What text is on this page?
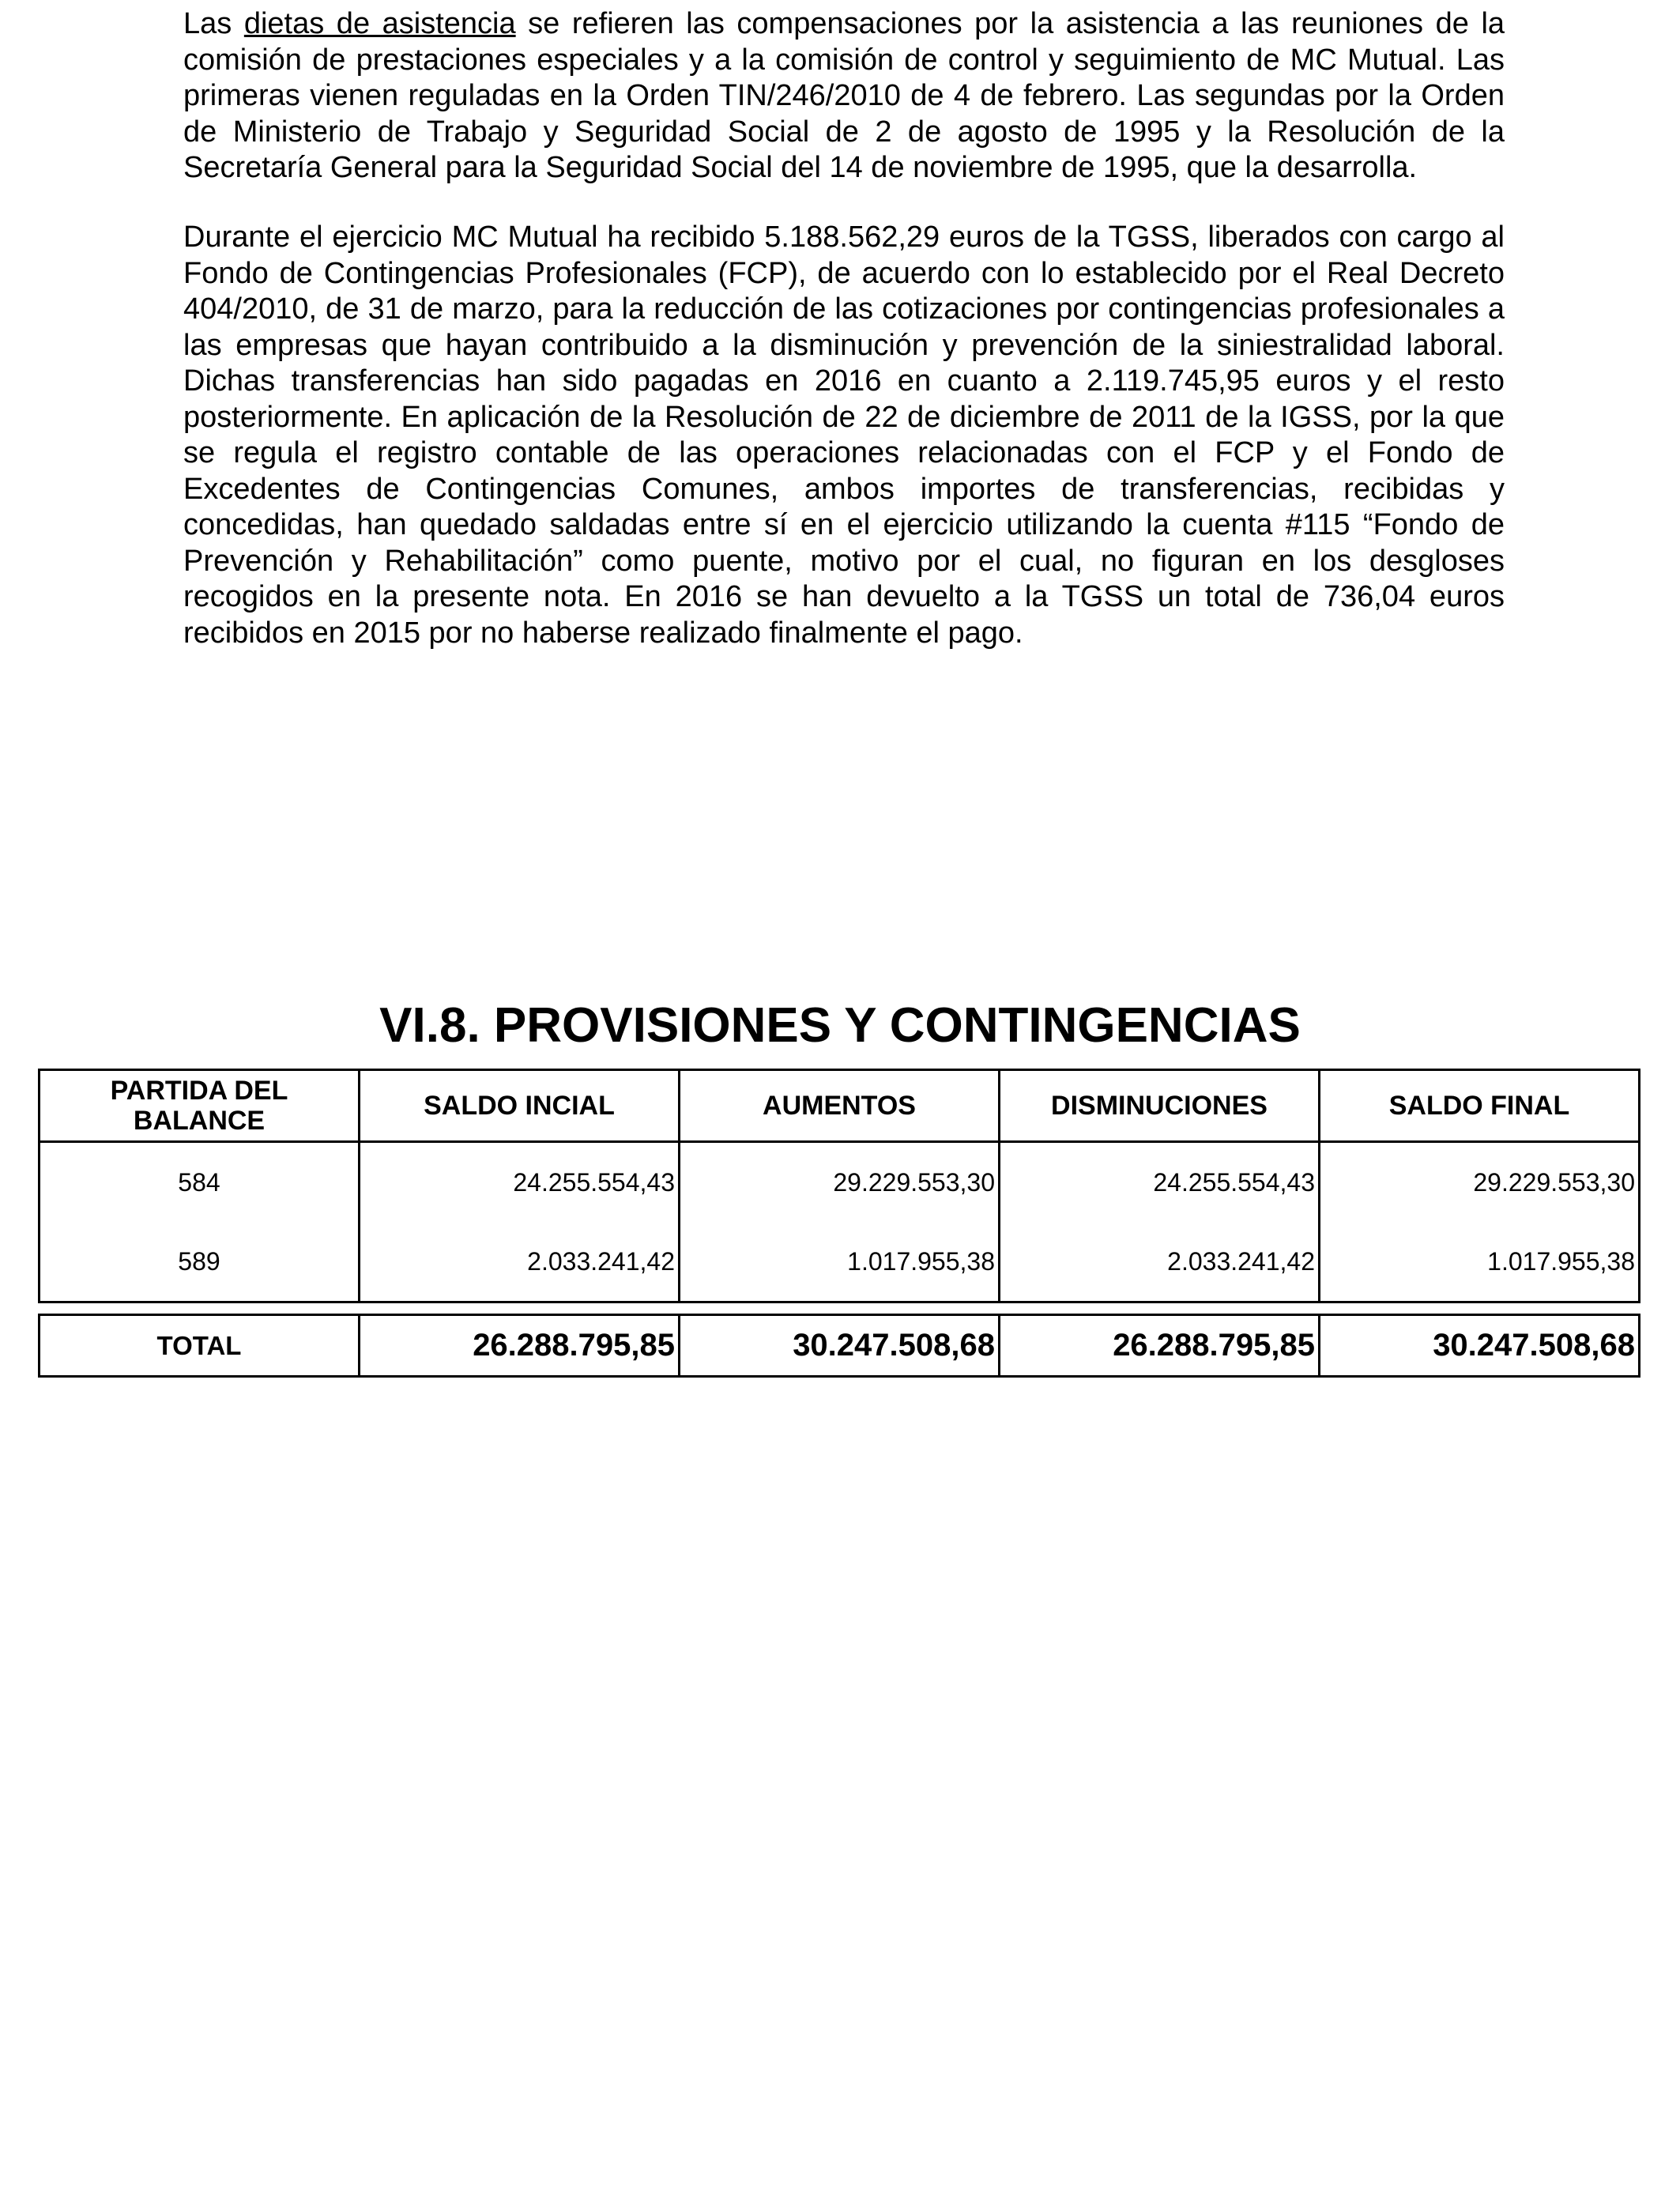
Las dietas de asistencia se refieren las compensaciones por la asistencia a las reuniones de la comisión de prestaciones especiales y a la comisión de control y seguimiento de MC Mutual. Las primeras vienen reguladas en la Orden TIN/246/2010 de 4 de febrero. Las segundas por la Orden de Ministerio de Trabajo y Seguridad Social de 2 de agosto de 1995 y la Resolución de la Secretaría General para la Seguridad Social del 14 de noviembre de 1995, que la desarrolla.
Durante el ejercicio MC Mutual ha recibido 5.188.562,29 euros de la TGSS, liberados con cargo al Fondo de Contingencias Profesionales (FCP), de acuerdo con lo establecido por el Real Decreto 404/2010, de 31 de marzo, para la reducción de las cotizaciones por contingencias profesionales a las empresas que hayan contribuido a la disminución y prevención de la siniestralidad laboral. Dichas transferencias han sido pagadas en 2016 en cuanto a 2.119.745,95 euros y el resto posteriormente. En aplicación de la Resolución de 22 de diciembre de 2011 de la IGSS, por la que se regula el registro contable de las operaciones relacionadas con el FCP y el Fondo de Excedentes de Contingencias Comunes, ambos importes de transferencias, recibidas y concedidas, han quedado saldadas entre sí en el ejercicio utilizando la cuenta #115 “Fondo de Prevención y Rehabilitación” como puente, motivo por el cual, no figuran en los desgloses recogidos en la presente nota. En 2016 se han devuelto a la TGSS un total de 736,04 euros recibidos en 2015 por no haberse realizado finalmente el pago.
VI.8. PROVISIONES Y CONTINGENCIAS
PARTIDA DEL BALANCE	SALDO INCIAL	AUMENTOS	DISMINUCIONES	SALDO FINAL
584	24.255.554,43	29.229.553,30	24.255.554,43	29.229.553,30
589	2.033.241,42	1.017.955,38	2.033.241,42	1.017.955,38
TOTAL	26.288.795,85	30.247.508,68	26.288.795,85	30.247.508,68
